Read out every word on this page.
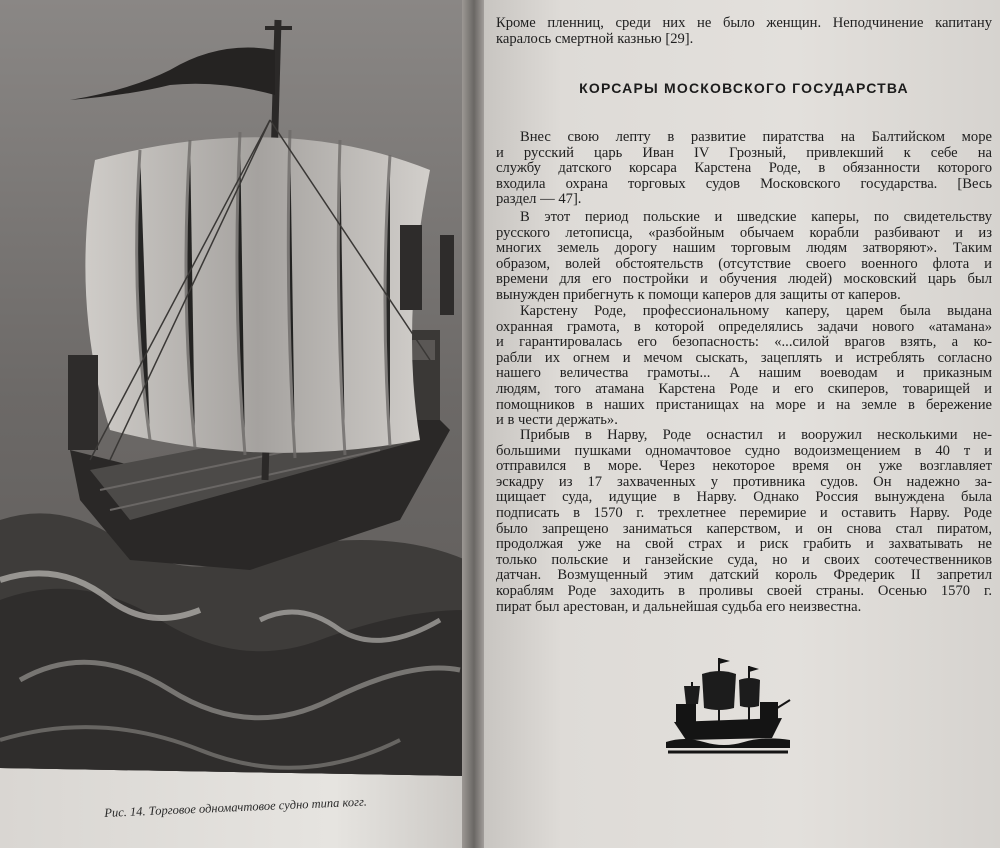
Рис. 14. Торговое одномачтовое судно типа когг.
Кроме пленниц, среди них не было женщин. Неподчинение капитану
каралось смертной казнью [29].
Внес свою лепту в развитие пиратства на Балтийском море
и русский царь Иван IV Грозный, привлекший к себе на
службу датского корсара Карстена Роде, в обязанности которого
входила охрана торговых судов Московского государства. [Весь
раздел — 47].
В этот период польские и шведские каперы, по свидетельству
русского летописца, «разбойным обычаем корабли разбивают и из
многих земель дорогу нашим торговым людям затворяют». Таким
образом, волей обстоятельств (отсутствие своего военного флота и
времени для его постройки и обучения людей) московский царь был
вынужден прибегнуть к помощи каперов для защиты от каперов.
Карстену Роде, профессиональному каперу, царем была выдана
охранная грамота, в которой определялись задачи нового «атамана»
и гарантировалась его безопасность: «...силой врагов взять, а ко-
рабли их огнем и мечом сыскать, зацеплять и истреблять согласно
нашего величества грамоты... А нашим воеводам и приказным
людям, того атамана Карстена Роде и его скиперов, товарищей и
помощников в наших пристанищах на море и на земле в бережение
и в чести держать».
Прибыв в Нарву, Роде оснастил и вооружил несколькими не-
большими пушками одномачтовое судно водоизмещением в 40 т и
отправился в море. Через некоторое время он уже возглавляет
эскадру из 17 захваченных у противника судов. Он надежно за-
щищает суда, идущие в Нарву. Однако Россия вынуждена была
подписать в 1570 г. трехлетнее перемирие и оставить Нарву. Роде
было запрещено заниматься каперством, и он снова стал пиратом,
продолжая уже на свой страх и риск грабить и захватывать не
только польские и ганзейские суда, но и своих соотечественников
датчан. Возмущенный этим датский король Фредерик II запретил
кораблям Роде заходить в проливы своей страны. Осенью 1570 г.
пират был арестован, и дальнейшая судьба его неизвестна.
КОРСАРЫ МОСКОВСКОГО ГОСУДАРСТВА
